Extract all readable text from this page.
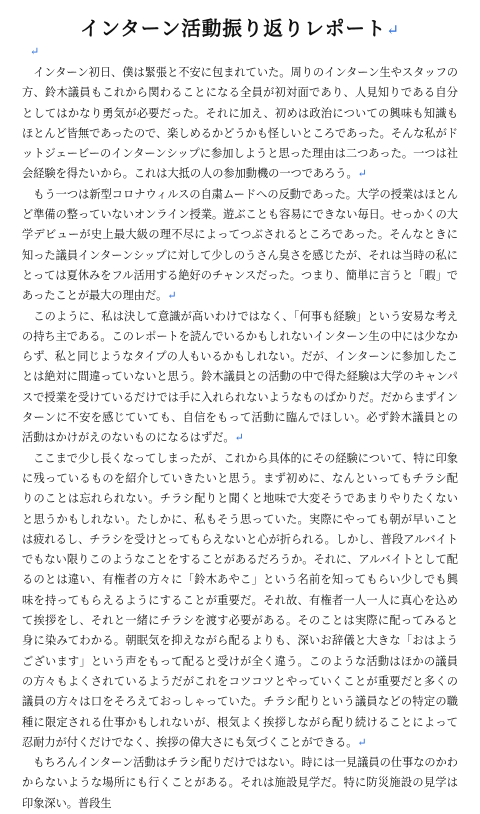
インターン活動振り返りレポート↵
↵

　インターン初日、僕は緊張と不安に包まれていた。周りのインターン生やスタッフの方、鈴木議員もこれから関わることになる全員が初対面であり、人見知りである自分としてはかなり勇気が必要だった。それに加え、初めは政治についての興味も知識もほとんど皆無であったので、楽しめるかどうかも怪しいところであった。そんな私がドットジェービーのインターンシップに参加しようと思った理由は二つあった。一つは社会経験を得たいから。これは大抵の人の参加動機の一つであろう。↵

　もう一つは新型コロナウィルスの自粛ムードへの反動であった。大学の授業はほとんど準備の整っていないオンライン授業。遊ぶことも容易にできない毎日。せっかくの大学デビューが史上最大級の理不尽によってつぶされるところであった。そんなときに知った議員インターンシップに対して少しのうさん臭さを感じたが、それは当時の私にとっては夏休みをフル活用する絶好のチャンスだった。つまり、簡単に言うと「暇」であったことが最大の理由だ。↵

　このように、私は決して意識が高いわけではなく、「何事も経験」という安易な考えの持ち主である。このレポートを読んでいるかもしれないインターン生の中には少なからず、私と同じようなタイプの人もいるかもしれない。だが、インターンに参加したことは絶対に間違っていないと思う。鈴木議員との活動の中で得た経験は大学のキャンパスで授業を受けているだけでは手に入れられないようなものばかりだ。だからまずインターンに不安を感じていても、自信をもって活動に臨んでほしい。必ず鈴木議員との活動はかけがえのないものになるはずだ。↵

　ここまで少し長くなってしまったが、これから具体的にその経験について、特に印象に残っているものを紹介していきたいと思う。まず初めに、なんといってもチラシ配りのことは忘れられない。チラシ配りと聞くと地味で大変そうであまりやりたくないと思うかもしれない。たしかに、私もそう思っていた。実際にやっても朝が早いことは疲れるし、チラシを受けとってもらえないと心が折られる。しかし、普段アルバイトでもない限りこのようなことをすることがあるだろうか。それに、アルバイトとして配るのとは違い、有権者の方々に「鈴木あやこ」という名前を知ってもらい少しでも興味を持ってもらえるようにすることが重要だ。それ故、有権者一人一人に真心を込めて挨拶をし、それと一緒にチラシを渡す必要がある。そのことは実際に配ってみると身に染みてわかる。朝眠気を抑えながら配るよりも、深いお辞儀と大きな「おはようございます」という声をもって配ると受けが全く違う。このような活動はほかの議員の方々もよくされているようだがこれをコツコツとやっていくことが重要だと多くの議員の方々は口をそろえておっしゃっていた。チラシ配りという議員などの特定の職種に限定される仕事かもしれないが、根気よく挨拶しながら配り続けることによって忍耐力が付くだけでなく、挨拶の偉大さにも気づくことができる。↵

　もちろんインターン活動はチラシ配りだけではない。時には一見議員の仕事なのかわからないような場所にも行くことがある。それは施設見学だ。特に防災施設の見学は印象深い。普段生
